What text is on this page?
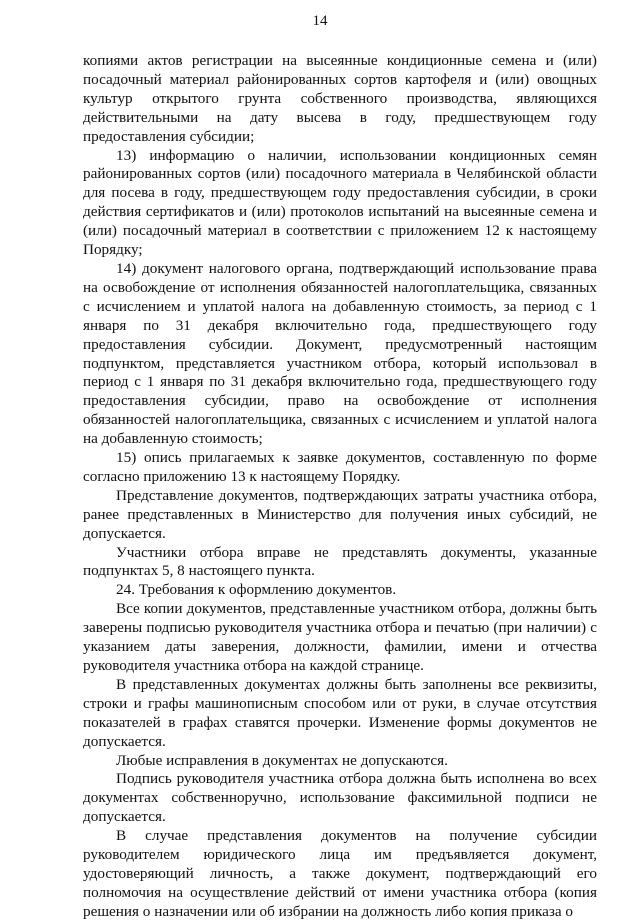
14

копиями актов регистрации на высеянные кондиционные семена и (или) посадочный материал районированных сортов картофеля и (или) овощных культур открытого грунта собственного производства, являющихся действительными на дату высева в году, предшествующем году предоставления субсидии;

13) информацию о наличии, использовании кондиционных семян районированных сортов (или) посадочного материала в Челябинской области для посева в году, предшествующем году предоставления субсидии, в сроки действия сертификатов и (или) протоколов испытаний на высеянные семена и (или) посадочный материал в соответствии с приложением 12 к настоящему Порядку;

14) документ налогового органа, подтверждающий использование права на освобождение от исполнения обязанностей налогоплательщика, связанных с исчислением и уплатой налога на добавленную стоимость, за период с 1 января по 31 декабря включительно года, предшествующего году предоставления субсидии. Документ, предусмотренный настоящим подпунктом, представляется участником отбора, который использовал в период с 1 января по 31 декабря включительно года, предшествующего году предоставления субсидии, право на освобождение от исполнения обязанностей налогоплательщика, связанных с исчислением и уплатой налога на добавленную стоимость;

15) опись прилагаемых к заявке документов, составленную по форме согласно приложению 13 к настоящему Порядку.

Представление документов, подтверждающих затраты участника отбора, ранее представленных в Министерство для получения иных субсидий, не допускается.

Участники отбора вправе не представлять документы, указанные подпунктах 5, 8 настоящего пункта.

24. Требования к оформлению документов.

Все копии документов, представленные участником отбора, должны быть заверены подписью руководителя участника отбора и печатью (при наличии) с указанием даты заверения, должности, фамилии, имени и отчества руководителя участника отбора на каждой странице.

В представленных документах должны быть заполнены все реквизиты, строки и графы машинописным способом или от руки, в случае отсутствия показателей в графах ставятся прочерки. Изменение формы документов не допускается.

Любые исправления в документах не допускаются.

Подпись руководителя участника отбора должна быть исполнена во всех документах собственноручно, использование факсимильной подписи не допускается.

В случае представления документов на получение субсидии руководителем юридического лица им предъявляется документ, удостоверяющий личность, а также документ, подтверждающий его полномочия на осуществление действий от имени участника отбора (копия решения о назначении или об избрании на должность либо копия приказа о
